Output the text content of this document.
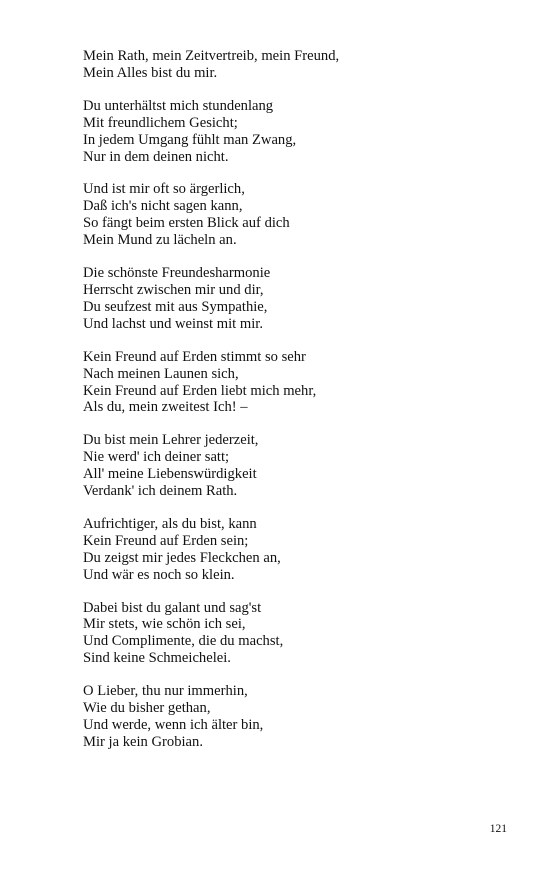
Mein Rath, mein Zeitvertreib, mein Freund,
Mein Alles bist du mir.
Du unterhältst mich stundenlang
Mit freundlichem Gesicht;
In jedem Umgang fühlt man Zwang,
Nur in dem deinen nicht.
Und ist mir oft so ärgerlich,
Daß ich's nicht sagen kann,
So fängt beim ersten Blick auf dich
Mein Mund zu lächeln an.
Die schönste Freundesharmonie
Herrscht zwischen mir und dir,
Du seufzest mit aus Sympathie,
Und lachst und weinst mit mir.
Kein Freund auf Erden stimmt so sehr
Nach meinen Launen sich,
Kein Freund auf Erden liebt mich mehr,
Als du, mein zweitest Ich! –
Du bist mein Lehrer jederzeit,
Nie werd' ich deiner satt;
All' meine Liebenswürdigkeit
Verdank' ich deinem Rath.
Aufrichtiger, als du bist, kann
Kein Freund auf Erden sein;
Du zeigst mir jedes Fleckchen an,
Und wär es noch so klein.
Dabei bist du galant und sag'st
Mir stets, wie schön ich sei,
Und Complimente, die du machst,
Sind keine Schmeichelei.
O Lieber, thu nur immerhin,
Wie du bisher gethan,
Und werde, wenn ich älter bin,
Mir ja kein Grobian.
121
